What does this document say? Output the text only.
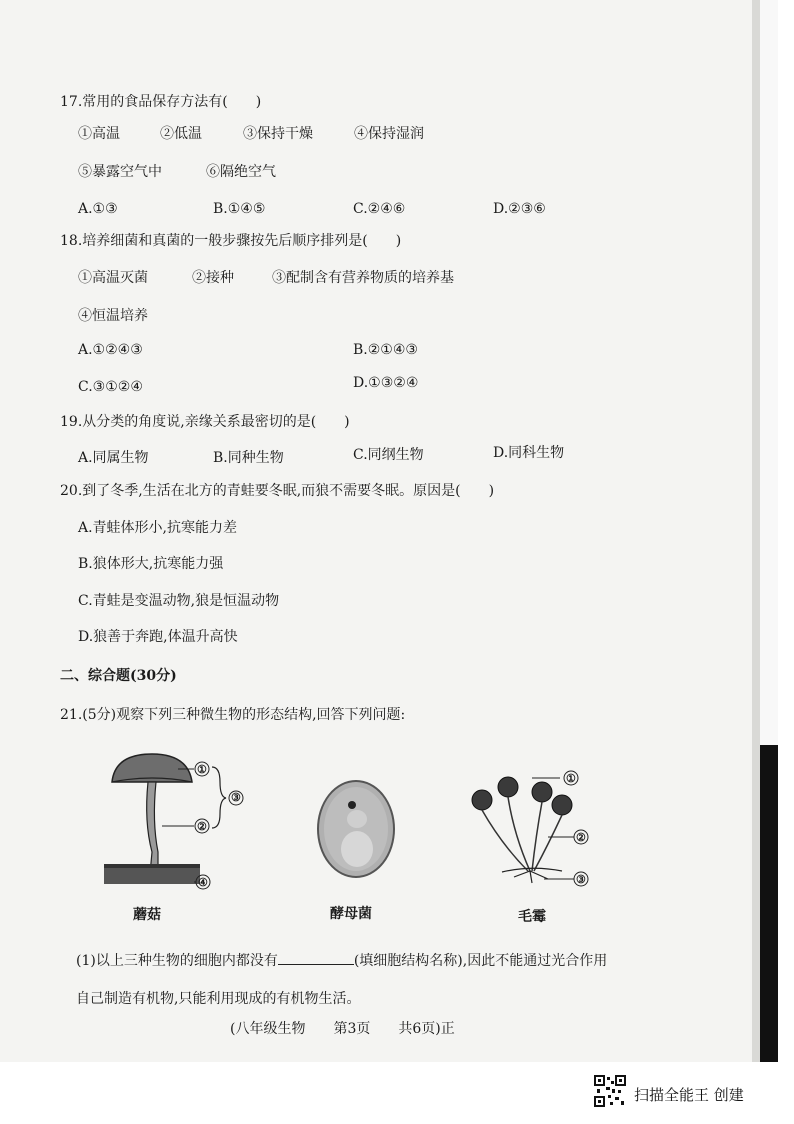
17.常用的食品保存方法有(　　)
①高温	②低温	③保持干燥	④保持湿润
⑤暴露空气中	⑥隔绝空气
A.①③	B.①④⑤	C.②④⑥	D.②③⑥
18.培养细菌和真菌的一般步骤按先后顺序排列是(　　)
①高温灭菌	②接种	③配制含有营养物质的培养基
④恒温培养
A.①②④③	B.②①④③
C.③①②④	D.①③②④
19.从分类的角度说,亲缘关系最密切的是(　　)
A.同属生物	B.同种生物	C.同纲生物	D.同科生物
20.到了冬季,生活在北方的青蛙要冬眠,而狼不需要冬眠。原因是(　　)
A.青蛙体形小,抗寒能力差
B.狼体形大,抗寒能力强
C.青蛙是变温动物,狼是恒温动物
D.狼善于奔跑,体温升高快
二、综合题(30分)
21.(5分)观察下列三种微生物的形态结构,回答下列问题:
①
②
③
④
蘑菇	酵母菌
①
②
③
毛霉
(1)以上三种生物的细胞内都没有	(填细胞结构名称),因此不能通过光合作用
自己制造有机物,只能利用现成的有机物生活。
(八年级生物　　第3页　　共6页)正
扫描全能王 创建
